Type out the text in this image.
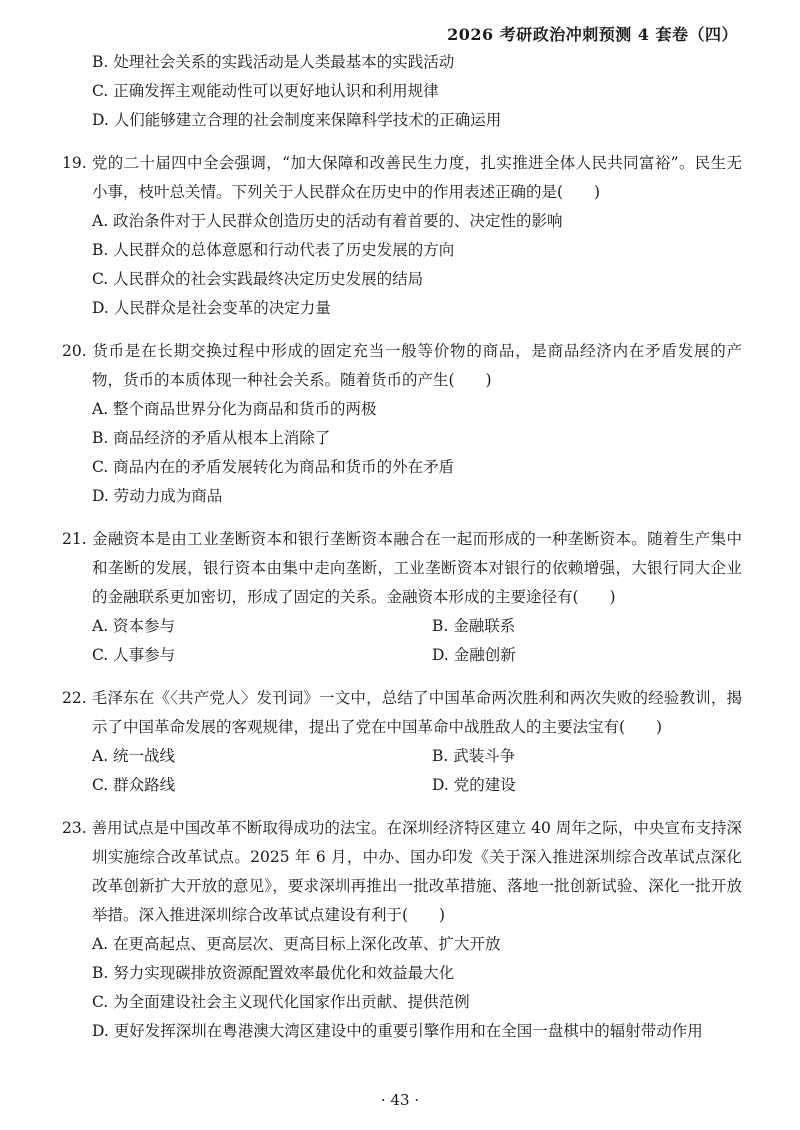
2026 考研政治冲刺预测 4 套卷（四）
B. 处理社会关系的实践活动是人类最基本的实践活动
C. 正确发挥主观能动性可以更好地认识和利用规律
D. 人们能够建立合理的社会制度来保障科学技术的正确运用
19. 党的二十届四中全会强调，“加大保障和改善民生力度，扎实推进全体人民共同富裕”。民生无小事，枝叶总关情。下列关于人民群众在历史中的作用表述正确的是(　　)
A. 政治条件对于人民群众创造历史的活动有着首要的、决定性的影响
B. 人民群众的总体意愿和行动代表了历史发展的方向
C. 人民群众的社会实践最终决定历史发展的结局
D. 人民群众是社会变革的决定力量
20. 货币是在长期交换过程中形成的固定充当一般等价物的商品，是商品经济内在矛盾发展的产物，货币的本质体现一种社会关系。随着货币的产生(　　)
A. 整个商品世界分化为商品和货币的两极
B. 商品经济的矛盾从根本上消除了
C. 商品内在的矛盾发展转化为商品和货币的外在矛盾
D. 劳动力成为商品
21. 金融资本是由工业垄断资本和银行垄断资本融合在一起而形成的一种垄断资本。随着生产集中和垄断的发展，银行资本由集中走向垄断，工业垄断资本对银行的依赖增强，大银行同大企业的金融联系更加密切，形成了固定的关系。金融资本形成的主要途径有(　　)
A. 资本参与	B. 金融联系
C. 人事参与	D. 金融创新
22. 毛泽东在《〈共产党人〉发刊词》一文中，总结了中国革命两次胜利和两次失败的经验教训，揭示了中国革命发展的客观规律，提出了党在中国革命中战胜敌人的主要法宝有(　　)
A. 统一战线	B. 武装斗争
C. 群众路线	D. 党的建设
23. 善用试点是中国改革不断取得成功的法宝。在深圳经济特区建立 40 周年之际，中央宣布支持深圳实施综合改革试点。2025 年 6 月，中办、国办印发《关于深入推进深圳综合改革试点深化改革创新扩大开放的意见》，要求深圳再推出一批改革措施、落地一批创新试验、深化一批开放举措。深入推进深圳综合改革试点建设有利于(　　)
A. 在更高起点、更高层次、更高目标上深化改革、扩大开放
B. 努力实现碳排放资源配置效率最优化和效益最大化
C. 为全面建设社会主义现代化国家作出贡献、提供范例
D. 更好发挥深圳在粤港澳大湾区建设中的重要引擎作用和在全国一盘棋中的辐射带动作用
· 43 ·
